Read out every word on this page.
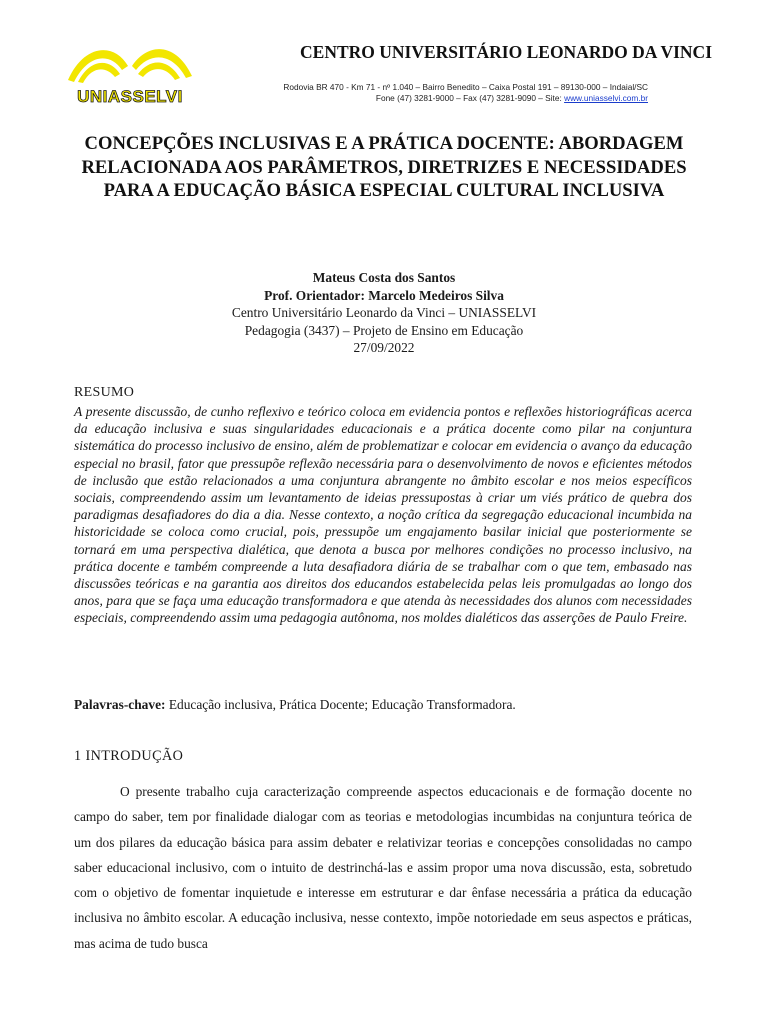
UNIASSELVI
CENTRO UNIVERSITÁRIO LEONARDO DA VINCI
Rodovia BR 470 - Km 71 - nº 1.040 – Bairro Benedito – Caixa Postal 191 – 89130-000 – Indaial/SC
Fone (47) 3281-9000 – Fax (47) 3281-9090 – Site: www.uniasselvi.com.br
CONCEPÇÕES INCLUSIVAS E A PRÁTICA DOCENTE: ABORDAGEM RELACIONADA AOS PARÂMETROS, DIRETRIZES E NECESSIDADES PARA A EDUCAÇÃO BÁSICA ESPECIAL CULTURAL INCLUSIVA
Mateus Costa dos Santos
Prof. Orientador: Marcelo Medeiros Silva
Centro Universitário Leonardo da Vinci – UNIASSELVI
Pedagogia (3437) – Projeto de Ensino em Educação
27/09/2022
RESUMO
A presente discussão, de cunho reflexivo e teórico coloca em evidencia pontos e reflexões historiográficas acerca da educação inclusiva e suas singularidades educacionais e a prática docente como pilar na conjuntura sistemática do processo inclusivo de ensino, além de problematizar e colocar em evidencia o avanço da educação especial no brasil, fator que pressupõe reflexão necessária para o desenvolvimento de novos e eficientes métodos de inclusão que estão relacionados a uma conjuntura abrangente no âmbito escolar e nos meios específicos sociais, compreendendo assim um levantamento de ideias pressupostas à criar um viés prático de quebra dos paradigmas desafiadores do dia a dia. Nesse contexto, a noção crítica da segregação educacional incumbida na historicidade se coloca como crucial, pois, pressupõe um engajamento basilar inicial que posteriormente se tornará em uma perspectiva dialética, que denota a busca por melhores condições no processo inclusivo, na prática docente e também compreende a luta desafiadora diária de se trabalhar com o que tem, embasado nas discussões teóricas e na garantia aos direitos dos educandos estabelecida pelas leis promulgadas ao longo dos anos, para que se faça uma educação transformadora e que atenda às necessidades dos alunos com necessidades especiais, compreendendo assim uma pedagogia autônoma, nos moldes dialéticos das asserções de Paulo Freire.
Palavras-chave: Educação inclusiva, Prática Docente; Educação Transformadora.
1 INTRODUÇÃO
O presente trabalho cuja caracterização compreende aspectos educacionais e de formação docente no campo do saber, tem por finalidade dialogar com as teorias e metodologias incumbidas na conjuntura teórica de um dos pilares da educação básica para assim debater e relativizar teorias e concepções consolidadas no campo saber educacional inclusivo, com o intuito de destrinchá-las e assim propor uma nova discussão, esta, sobretudo com o objetivo de fomentar inquietude e interesse em estruturar e dar ênfase necessária a prática da educação inclusiva no âmbito escolar. A educação inclusiva, nesse contexto, impõe notoriedade em seus aspectos e práticas, mas acima de tudo busca
